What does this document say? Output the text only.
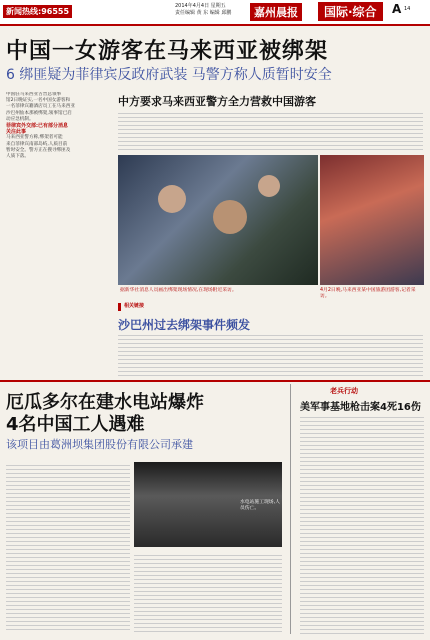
新闻热线:96555
2014年4月4日 星期五
责任编辑 黄 东 编辑 邱鹏	嘉州晨报	国际·综合	A 14
中国一女游客在马来西亚被绑架
6 绑匪疑为菲律宾反政府武装 马警方称人质暂时安全
中国驻马来西亚古晋总领事
馆2日晚证实,一名中国女游客和
一名菲律宾籍酒店员工在马来西亚
沙巴州仙本那被绑架,领事馆已启
动应急机制。
菲律宾外交部:已有部分消息
关注此事
马来西亚警方称,绑架者可能
来自菲律宾南部岛屿,人质目前
暂时安全。警方正在搜寻绑匪及
人质下落。
中方要求马来西亚警方全力营救中国游客
据新华社消息人员画出绑架现场情况,在现场附近采访。	4月2日晚,马来西亚某中国旅游团游客,记者采访。
相关链接
沙巴州过去绑架事件频发
厄瓜多尔在建水电站爆炸
4名中国工人遇难
该项目由葛洲坝集团股份有限公司承建
水电站施工现场,人员伤亡。
老兵行动
美军事基地枪击案4死16伤
